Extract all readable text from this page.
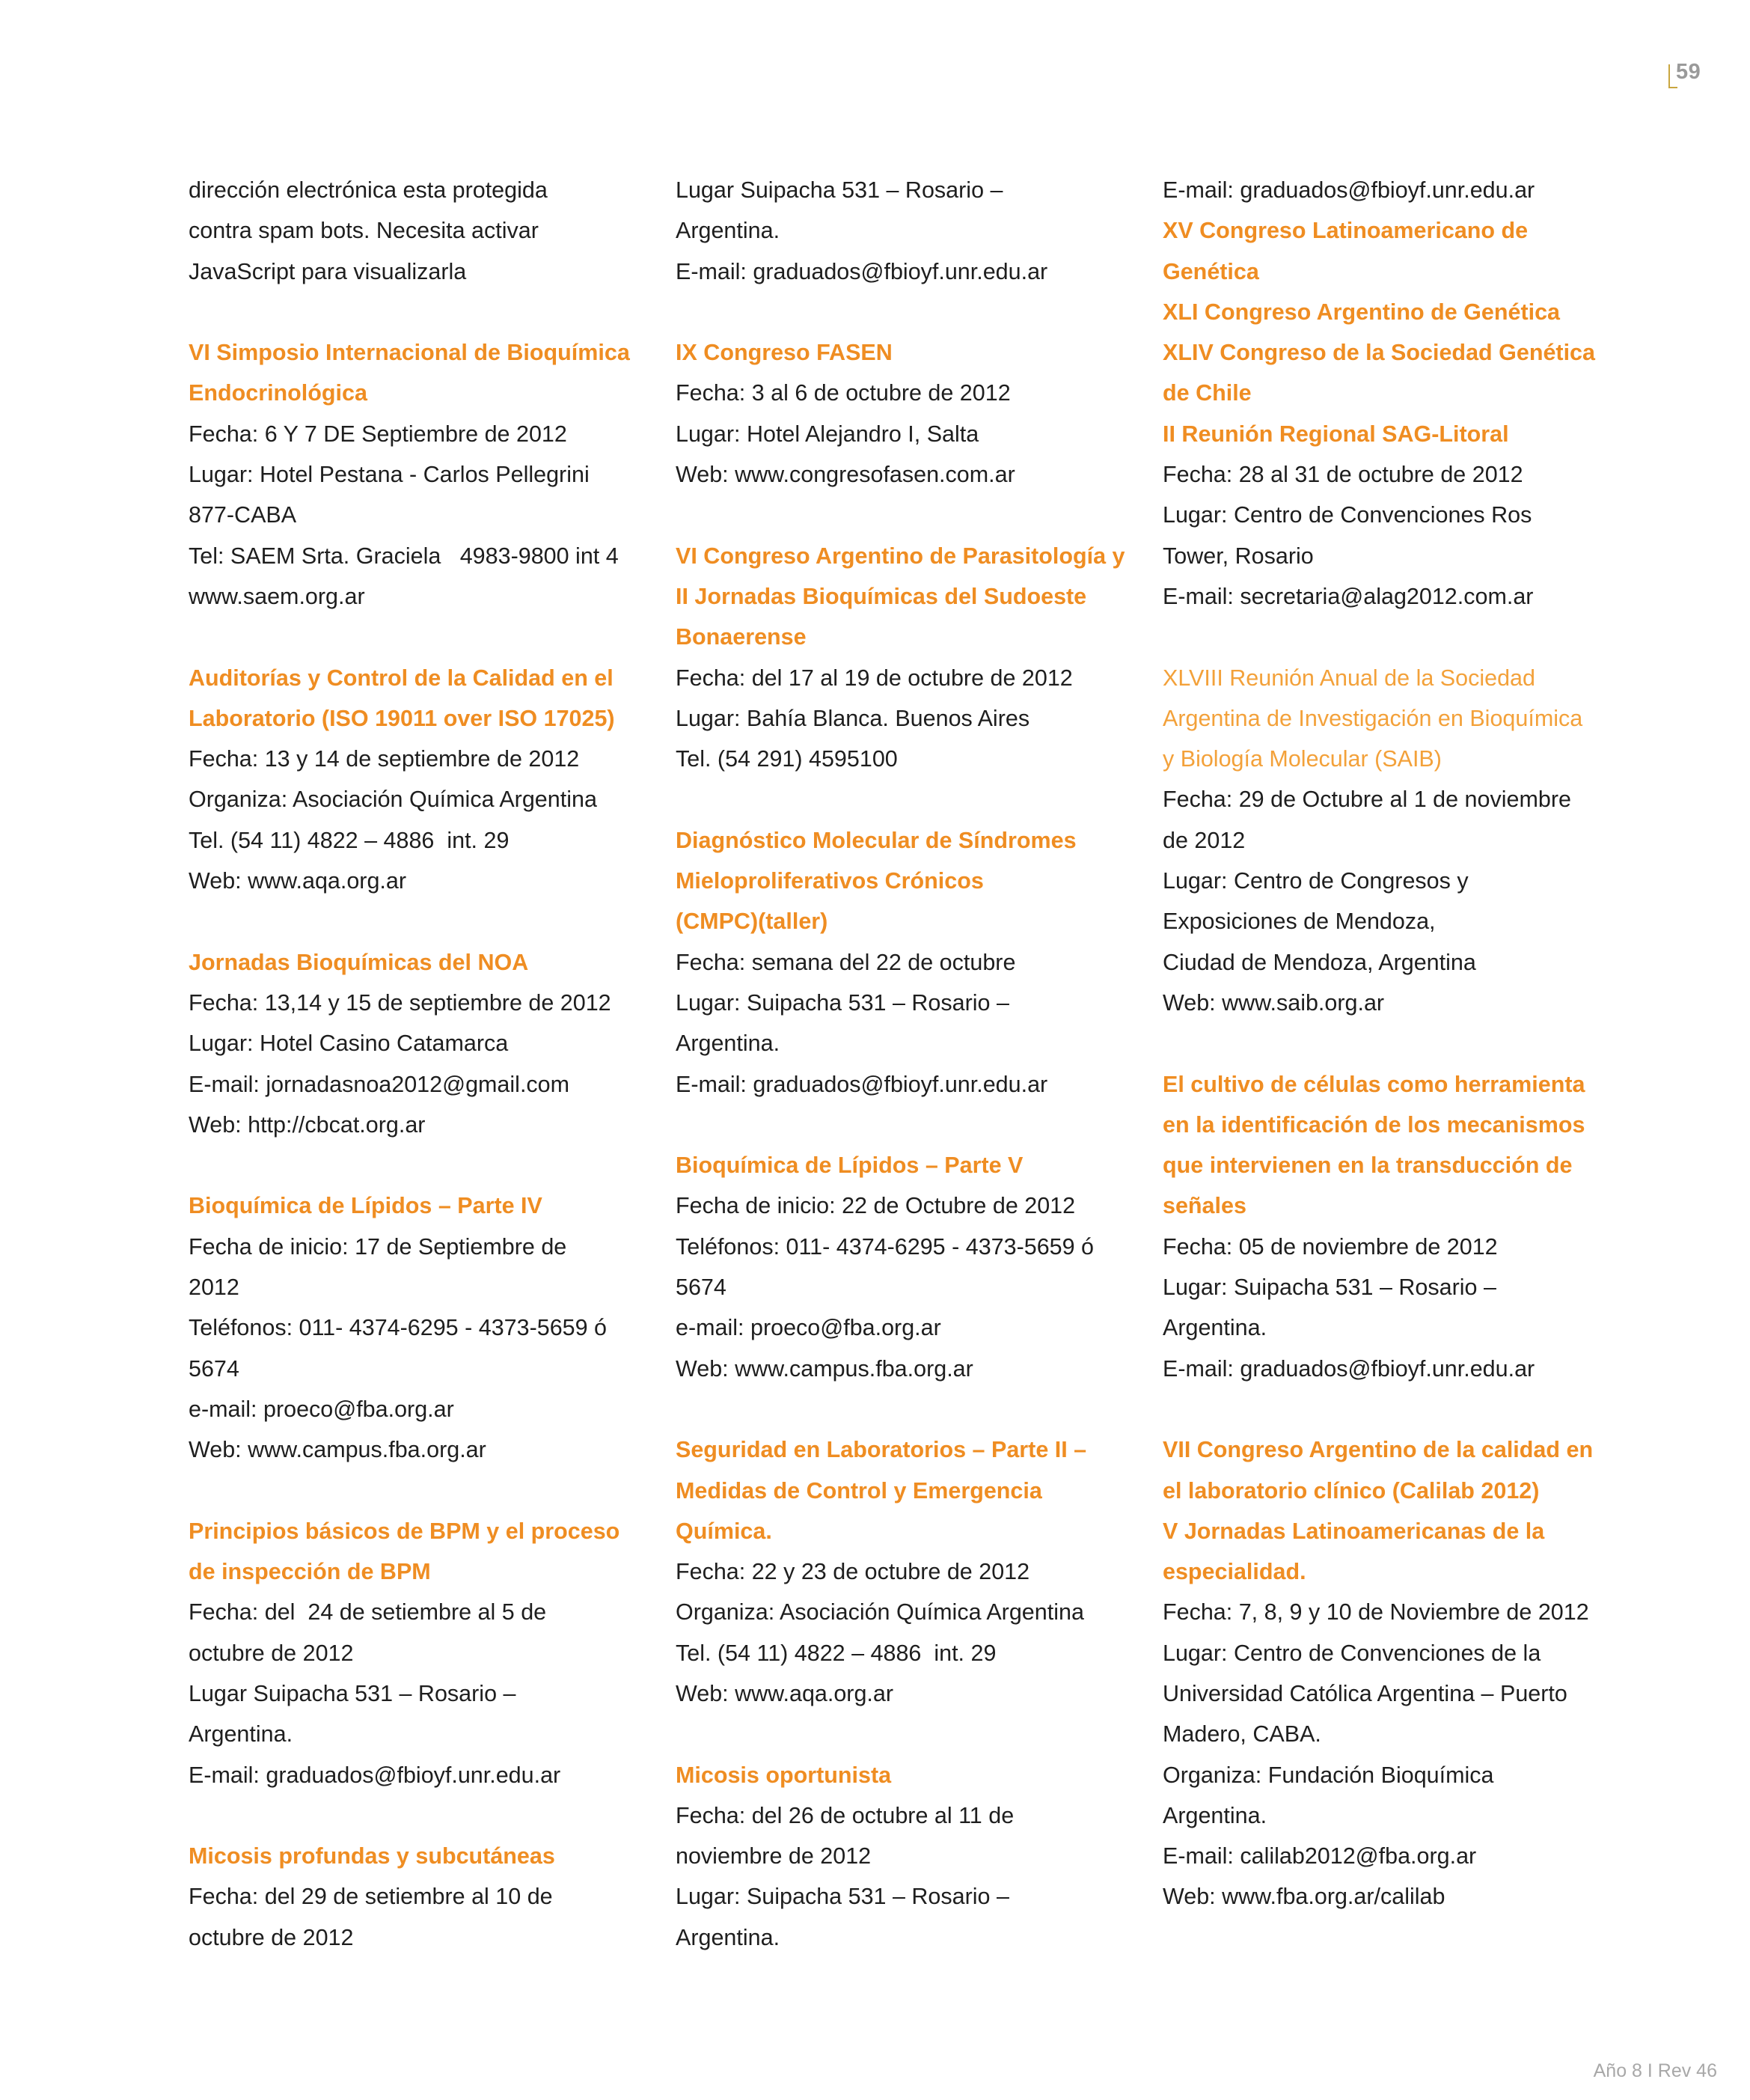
59
dirección electrónica esta protegida
contra spam bots. Necesita activar
JavaScript para visualizarla
VI Simposio Internacional de Bioquímica
Endocrinológica
Fecha: 6 Y 7 DE Septiembre de 2012
Lugar: Hotel Pestana - Carlos Pellegrini
877-CABA
Tel: SAEM Srta. Graciela   4983-9800 int 4
www.saem.org.ar
Auditorías y Control de la Calidad en el
Laboratorio (ISO 19011 over ISO 17025)
Fecha: 13 y 14 de septiembre de 2012
Organiza: Asociación Química Argentina
Tel. (54 11) 4822 – 4886  int. 29
Web: www.aqa.org.ar
Jornadas Bioquímicas del NOA
Fecha: 13,14 y 15 de septiembre de 2012
Lugar: Hotel Casino Catamarca
E-mail: jornadasnoa2012@gmail.com
Web: http://cbcat.org.ar
Bioquímica de Lípidos – Parte IV
Fecha de inicio: 17 de Septiembre de
2012
Teléfonos: 011- 4374-6295 - 4373-5659 ó
5674
e-mail: proeco@fba.org.ar
Web: www.campus.fba.org.ar
Principios básicos de BPM y el proceso
de inspección de BPM
Fecha: del  24 de setiembre al 5 de
octubre de 2012
Lugar Suipacha 531 – Rosario –
Argentina.
E-mail: graduados@fbioyf.unr.edu.ar
Micosis profundas y subcutáneas
Fecha: del 29 de setiembre al 10 de
octubre de 2012
Lugar Suipacha 531 – Rosario –
Argentina.
E-mail: graduados@fbioyf.unr.edu.ar
IX Congreso FASEN
Fecha: 3 al 6 de octubre de 2012
Lugar: Hotel Alejandro I, Salta
Web: www.congresofasen.com.ar
VI Congreso Argentino de Parasitología y
II Jornadas Bioquímicas del Sudoeste
Bonaerense
Fecha: del 17 al 19 de octubre de 2012
Lugar: Bahía Blanca. Buenos Aires
Tel. (54 291) 4595100
Diagnóstico Molecular de Síndromes
Mieloproliferativos Crónicos
(CMPC)(taller)
Fecha: semana del 22 de octubre
Lugar: Suipacha 531 – Rosario –
Argentina.
E-mail: graduados@fbioyf.unr.edu.ar
Bioquímica de Lípidos – Parte V
Fecha de inicio: 22 de Octubre de 2012
Teléfonos: 011- 4374-6295 - 4373-5659 ó
5674
e-mail: proeco@fba.org.ar
Web: www.campus.fba.org.ar
Seguridad en Laboratorios – Parte II –
Medidas de Control y Emergencia
Química.
Fecha: 22 y 23 de octubre de 2012
Organiza: Asociación Química Argentina
Tel. (54 11) 4822 – 4886  int. 29
Web: www.aqa.org.ar
Micosis oportunista
Fecha: del 26 de octubre al 11 de
noviembre de 2012
Lugar: Suipacha 531 – Rosario –
Argentina.
E-mail: graduados@fbioyf.unr.edu.ar
XV Congreso Latinoamericano de
Genética
XLI Congreso Argentino de Genética
XLIV Congreso de la Sociedad Genética
de Chile
II Reunión Regional SAG-Litoral
Fecha: 28 al 31 de octubre de 2012
Lugar: Centro de Convenciones Ros
Tower, Rosario
E-mail: secretaria@alag2012.com.ar
XLVIII Reunión Anual de la Sociedad
Argentina de Investigación en Bioquímica
y Biología Molecular (SAIB)
Fecha: 29 de Octubre al 1 de noviembre
de 2012
Lugar: Centro de Congresos y
Exposiciones de Mendoza,
Ciudad de Mendoza, Argentina
Web: www.saib.org.ar
El cultivo de células como herramienta
en la identificación de los mecanismos
que intervienen en la transducción de
señales
Fecha: 05 de noviembre de 2012
Lugar: Suipacha 531 – Rosario –
Argentina.
E-mail: graduados@fbioyf.unr.edu.ar
VII Congreso Argentino de la calidad en
el laboratorio clínico (Calilab 2012)
V Jornadas Latinoamericanas de la
especialidad.
Fecha: 7, 8, 9 y 10 de Noviembre de 2012
Lugar: Centro de Convenciones de la
Universidad Católica Argentina – Puerto
Madero, CABA.
Organiza: Fundación Bioquímica
Argentina.
E-mail: calilab2012@fba.org.ar
Web: www.fba.org.ar/calilab
Año 8 I Rev 46
